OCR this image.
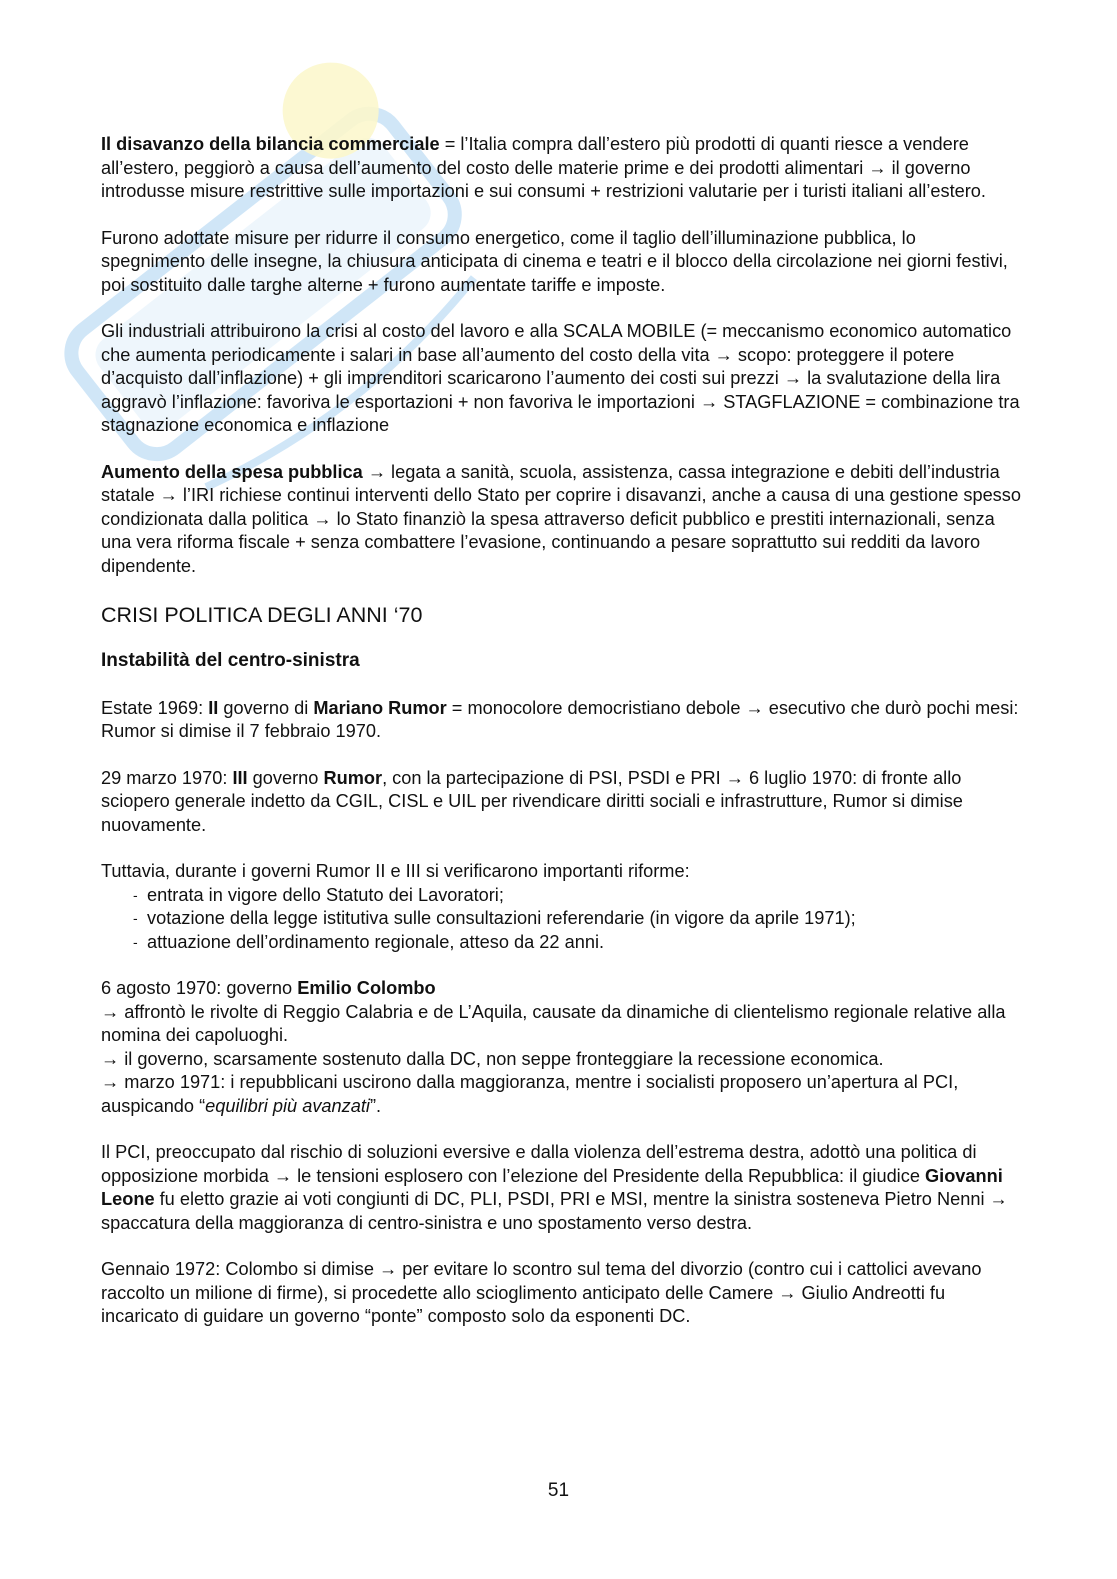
Il disavanzo della bilancia commerciale = l’Italia compra dall’estero più prodotti di quanti riesce a vendere all’estero, peggiorò a causa dell’aumento del costo delle materie prime e dei prodotti alimentari → il governo introdusse misure restrittive sulle importazioni e sui consumi + restrizioni valutarie per i turisti italiani all’estero.

Furono adottate misure per ridurre il consumo energetico, come il taglio dell’illuminazione pubblica, lo spegnimento delle insegne, la chiusura anticipata di cinema e teatri e il blocco della circolazione nei giorni festivi, poi sostituito dalle targhe alterne + furono aumentate tariffe e imposte.

Gli industriali attribuirono la crisi al costo del lavoro e alla SCALA MOBILE (= meccanismo economico automatico che aumenta periodicamente i salari in base all’aumento del costo della vita → scopo: proteggere il potere d’acquisto dall’inflazione) + gli imprenditori scaricarono l’aumento dei costi sui prezzi → la svalutazione della lira aggravò l’inflazione: favoriva le esportazioni + non favoriva le importazioni → STAGFLAZIONE = combinazione tra stagnazione economica e inflazione

Aumento della spesa pubblica → legata a sanità, scuola, assistenza, cassa integrazione e debiti dell’industria statale → l’IRI richiese continui interventi dello Stato per coprire i disavanzi, anche a causa di una gestione spesso condizionata dalla politica → lo Stato finanziò la spesa attraverso deficit pubblico e prestiti internazionali, senza una vera riforma fiscale + senza combattere l’evasione, continuando a pesare soprattutto sui redditi da lavoro dipendente.

CRISI POLITICA DEGLI ANNI ‘70
Instabilità del centro-sinistra

Estate 1969: II governo di Mariano Rumor = monocolore democristiano debole → esecutivo che durò pochi mesi: Rumor si dimise il 7 febbraio 1970.

29 marzo 1970: III governo Rumor, con la partecipazione di PSI, PSDI e PRI → 6 luglio 1970: di fronte allo sciopero generale indetto da CGIL, CISL e UIL per rivendicare diritti sociali e infrastrutture, Rumor si dimise nuovamente.

Tuttavia, durante i governi Rumor II e III si verificarono importanti riforme:

- entrata in vigore dello Statuto dei Lavoratori;
- votazione della legge istitutiva sulle consultazioni referendarie (in vigore da aprile 1971);
- attuazione dell’ordinamento regionale, atteso da 22 anni.

6 agosto 1970: governo Emilio Colombo
→ affrontò le rivolte di Reggio Calabria e de L’Aquila, causate da dinamiche di clientelismo regionale relative alla nomina dei capoluoghi.
→ il governo, scarsamente sostenuto dalla DC, non seppe fronteggiare la recessione economica.
→ marzo 1971: i repubblicani uscirono dalla maggioranza, mentre i socialisti proposero un’apertura al PCI, auspicando “equilibri più avanzati”.

Il PCI, preoccupato dal rischio di soluzioni eversive e dalla violenza dell’estrema destra, adottò una politica di opposizione morbida → le tensioni esplosero con l’elezione del Presidente della Repubblica: il giudice Giovanni Leone fu eletto grazie ai voti congiunti di DC, PLI, PSDI, PRI e MSI, mentre la sinistra sosteneva Pietro Nenni → spaccatura della maggioranza di centro-sinistra e uno spostamento verso destra.

Gennaio 1972: Colombo si dimise → per evitare lo scontro sul tema del divorzio (contro cui i cattolici avevano raccolto un milione di firme), si procedette allo scioglimento anticipato delle Camere → Giulio Andreotti fu incaricato di guidare un governo “ponte” composto solo da esponenti DC.

51
